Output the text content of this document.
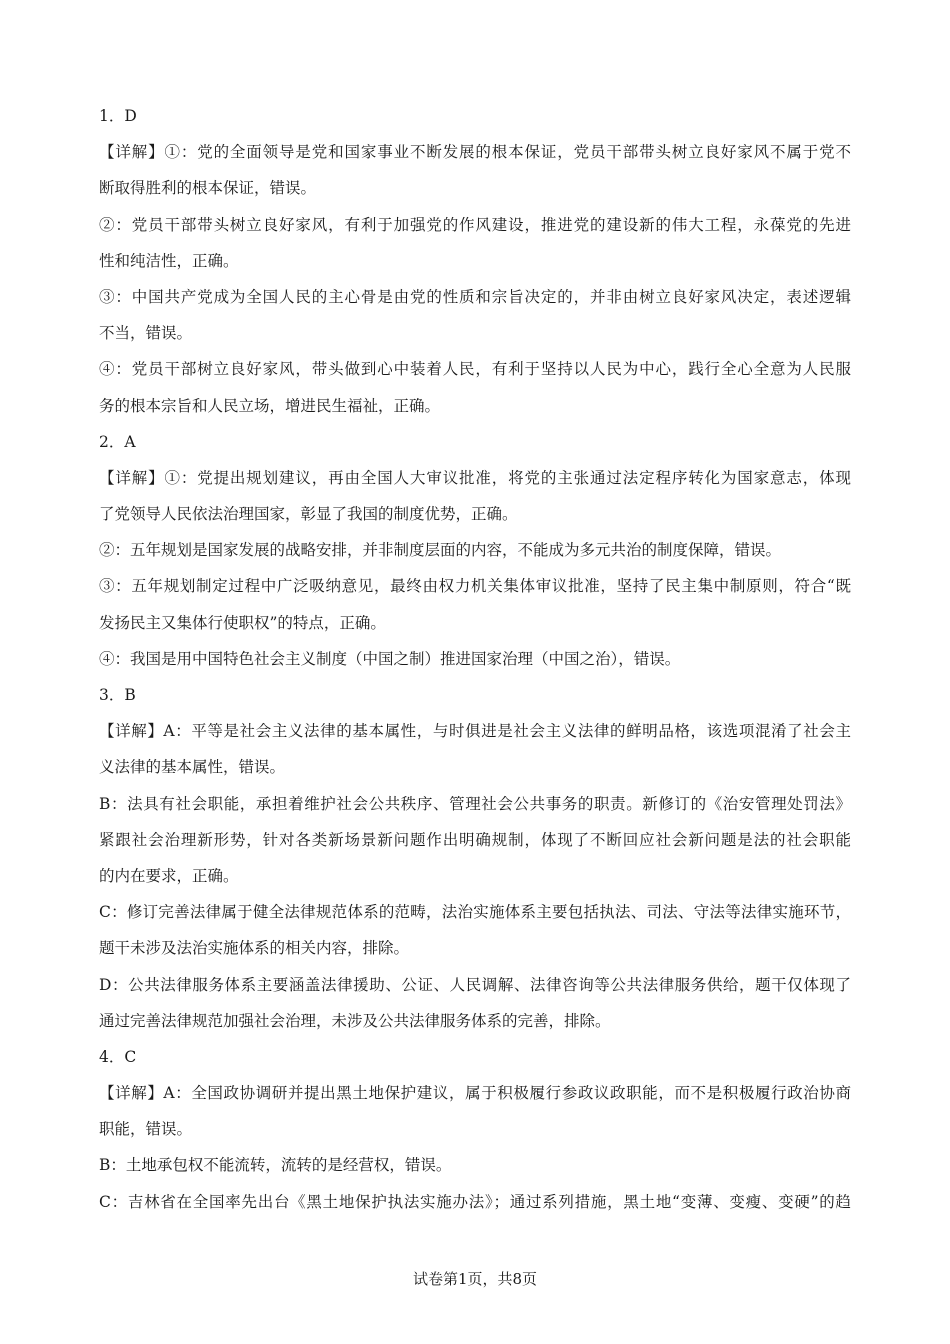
1．D
【详解】①：党的全面领导是党和国家事业不断发展的根本保证，党员干部带头树立良好家风不属于党不
断取得胜利的根本保证，错误。
②：党员干部带头树立良好家风，有利于加强党的作风建设，推进党的建设新的伟大工程，永葆党的先进
性和纯洁性，正确。
③：中国共产党成为全国人民的主心骨是由党的性质和宗旨决定的，并非由树立良好家风决定，表述逻辑
不当，错误。
④：党员干部树立良好家风，带头做到心中装着人民，有利于坚持以人民为中心，践行全心全意为人民服
务的根本宗旨和人民立场，增进民生福祉，正确。
2．A
【详解】①：党提出规划建议，再由全国人大审议批准，将党的主张通过法定程序转化为国家意志，体现
了党领导人民依法治理国家，彰显了我国的制度优势，正确。
②：五年规划是国家发展的战略安排，并非制度层面的内容，不能成为多元共治的制度保障，错误。
③：五年规划制定过程中广泛吸纳意见，最终由权力机关集体审议批准，坚持了民主集中制原则，符合“既
发扬民主又集体行使职权”的特点，正确。
④：我国是用中国特色社会主义制度（中国之制）推进国家治理（中国之治），错误。
3．B
【详解】A：平等是社会主义法律的基本属性，与时俱进是社会主义法律的鲜明品格，该选项混淆了社会主
义法律的基本属性，错误。
B：法具有社会职能，承担着维护社会公共秩序、管理社会公共事务的职责。新修订的《治安管理处罚法》
紧跟社会治理新形势，针对各类新场景新问题作出明确规制，体现了不断回应社会新问题是法的社会职能
的内在要求，正确。
C：修订完善法律属于健全法律规范体系的范畴，法治实施体系主要包括执法、司法、守法等法律实施环节，
题干未涉及法治实施体系的相关内容，排除。
D：公共法律服务体系主要涵盖法律援助、公证、人民调解、法律咨询等公共法律服务供给，题干仅体现了
通过完善法律规范加强社会治理，未涉及公共法律服务体系的完善，排除。
4．C
【详解】A：全国政协调研并提出黑土地保护建议，属于积极履行参政议政职能，而不是积极履行政治协商
职能，错误。
B：土地承包权不能流转，流转的是经营权，错误。
C：吉林省在全国率先出台《黑土地保护执法实施办法》；通过系列措施，黑土地“变薄、变瘦、变硬”的趋
试卷第1页，共8页
